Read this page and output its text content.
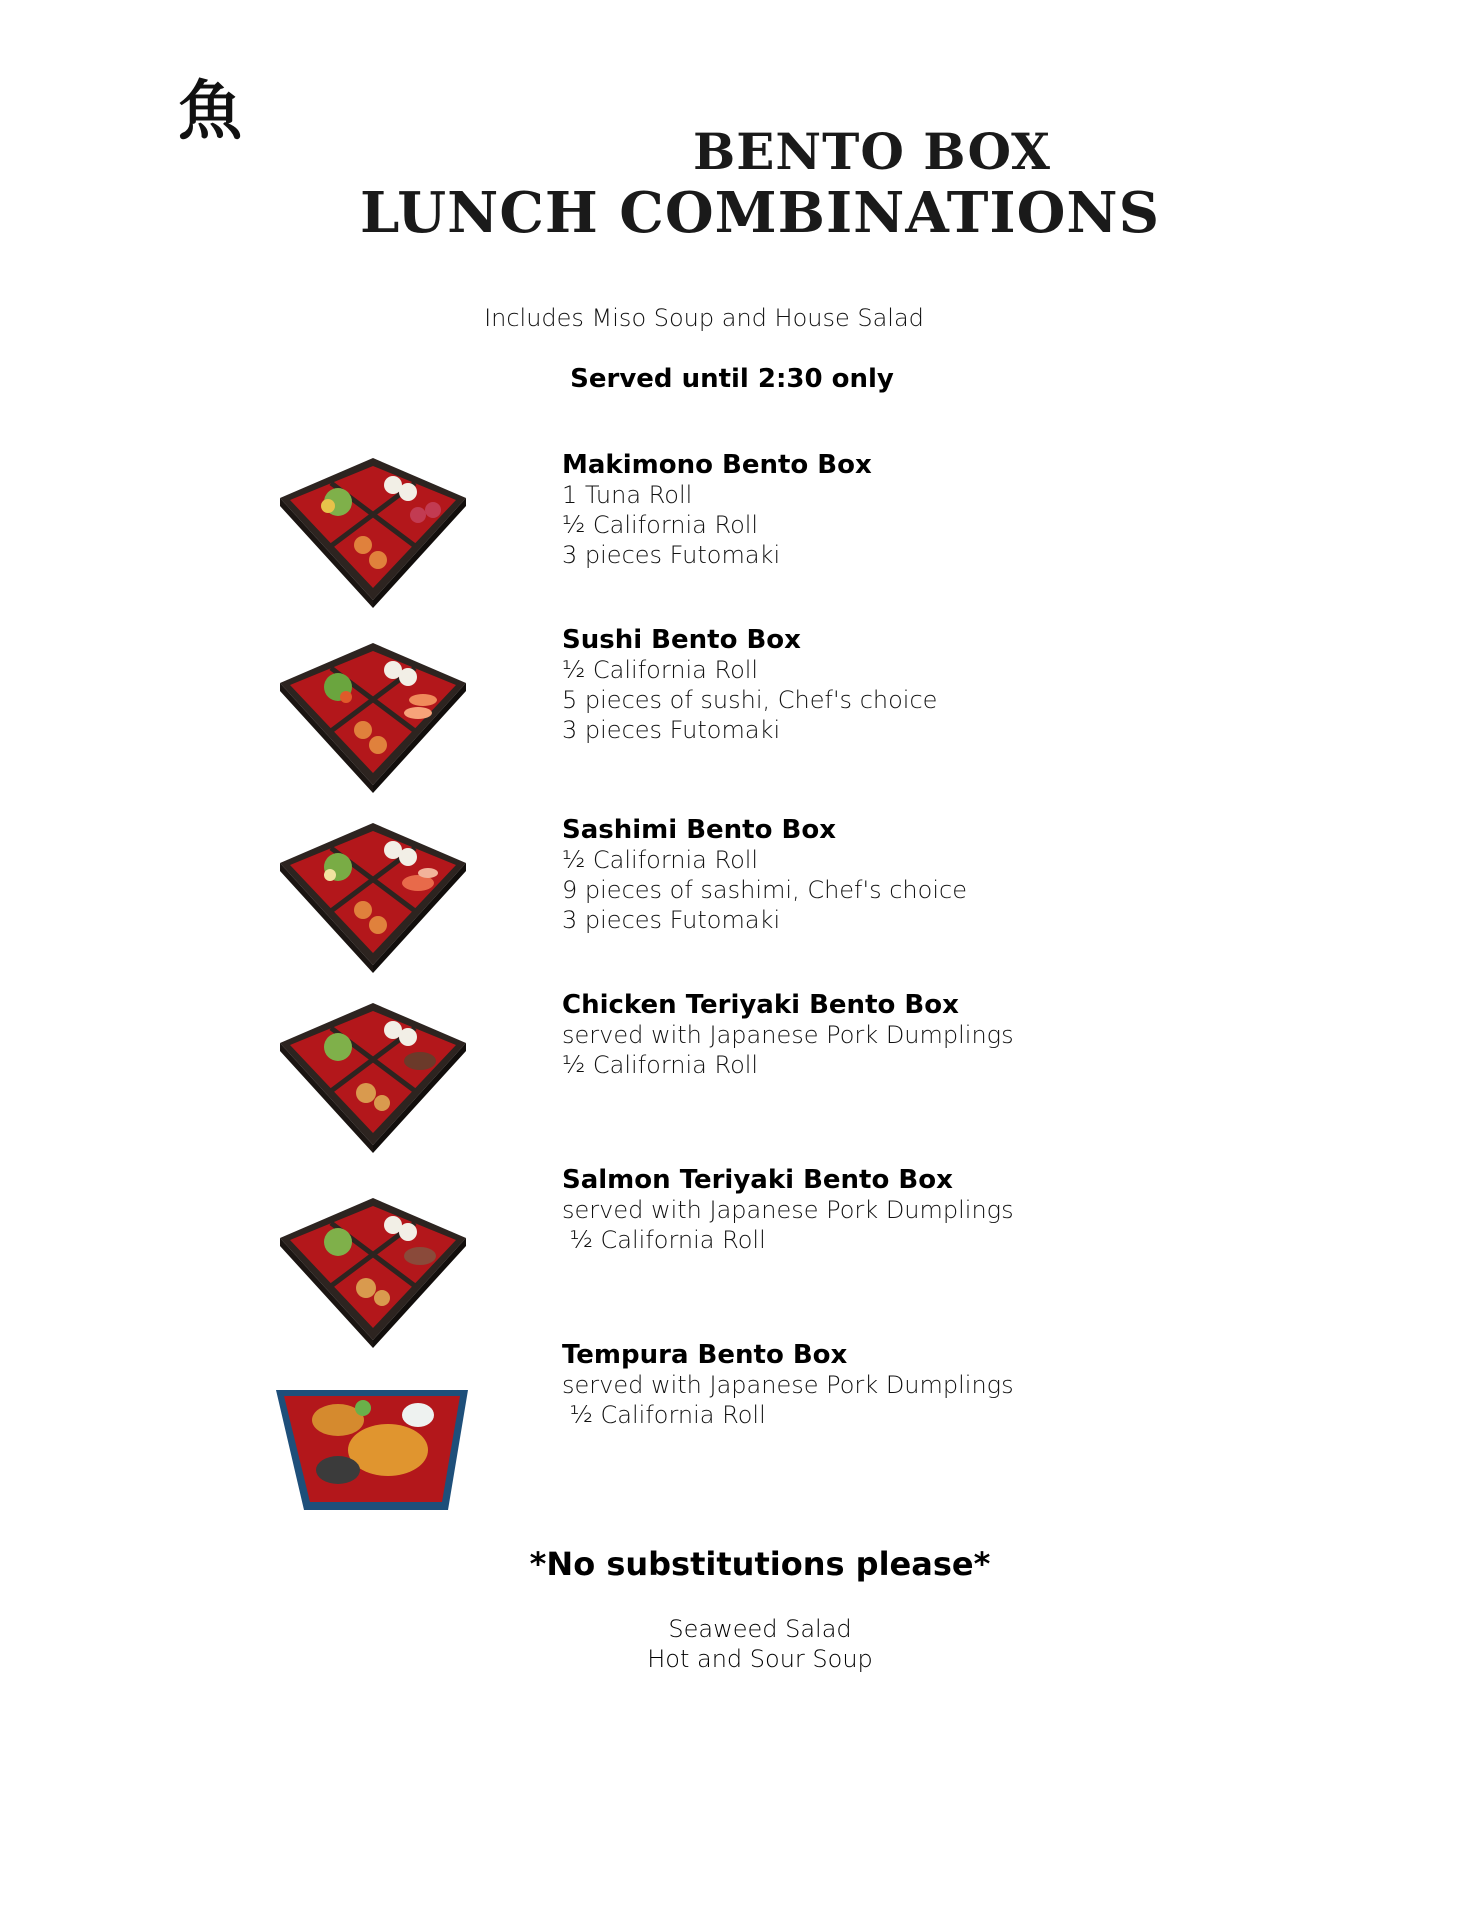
魚
BENTO BOX
LUNCH COMBINATIONS
Includes Miso Soup and House Salad
Served until 2:30 only
Makimono Bento Box
1 Tuna Roll
½ California Roll
3 pieces Futomaki
Sushi Bento Box
½ California Roll
5 pieces of sushi, Chef's choice
3 pieces Futomaki
Sashimi Bento Box
½ California Roll
9 pieces of sashimi, Chef's choice
3 pieces Futomaki
Chicken Teriyaki Bento Box
served with Japanese Pork Dumplings
½ California Roll
Salmon Teriyaki Bento Box
served with Japanese Pork Dumplings
½ California Roll
Tempura Bento Box
served with Japanese Pork Dumplings
½ California Roll
*No substitutions please*
Seaweed Salad
Hot and Sour Soup
